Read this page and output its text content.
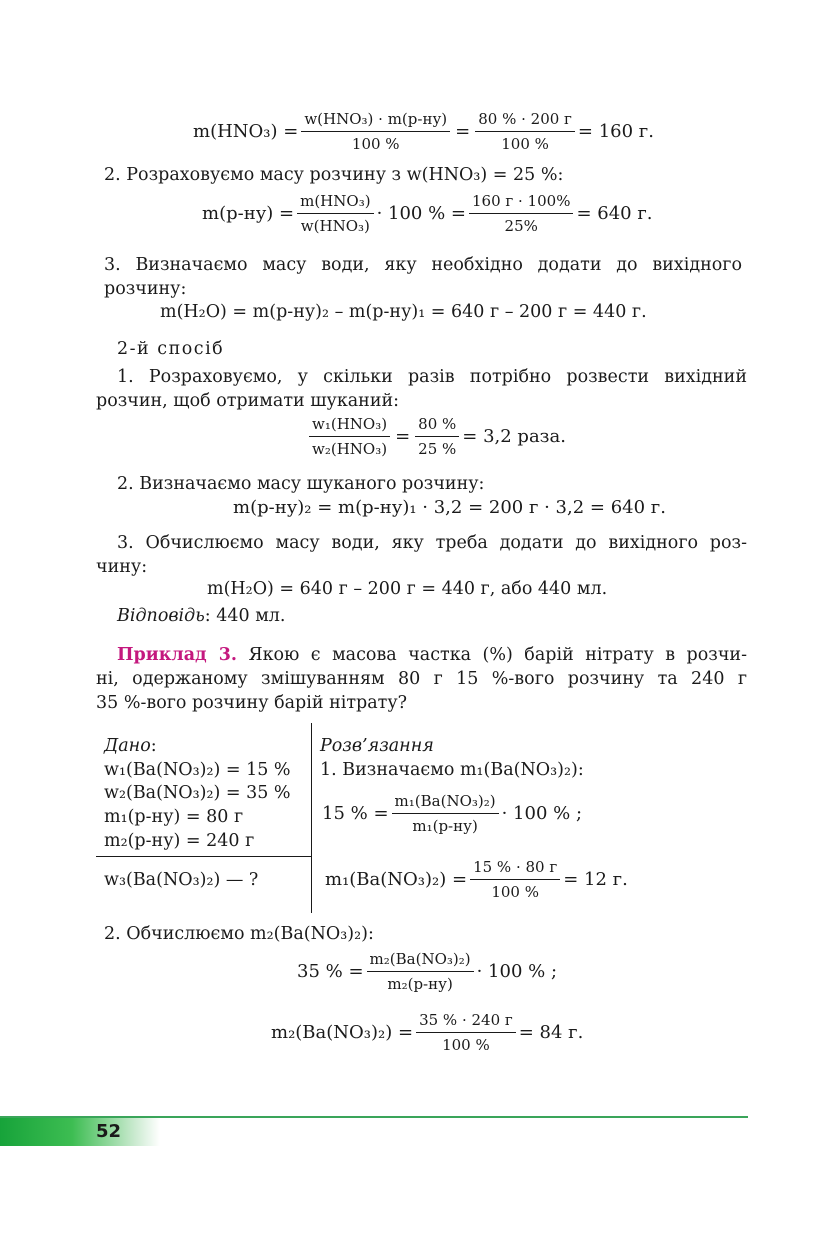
$m(HNO_3) = \frac{\text{w(HNO₃) · m(р-ну)}}{100 \%} = \frac{80 \% \cdot 200 г}{100 \%} = 160$ г.
2. Розраховуємо масу розчину з w(HNO₃) = 25 %:
$m(р-ну) = \frac{\text{m(HNO₃)}}{\text{w(HNO₃)}} \cdot 100$ % = $\frac{160 г \cdot 100\%}{25\%} = 640$ г.
3. Визначаємо масу води, яку необхідно додати до вихідного
розчину:
m(H₂O) = m(р-ну)₂ – m(р-ну)₁ = 640 г – 200 г = 440 г.
2-й спосіб
1. Розраховуємо, у скільки разів потрібно розвести вихідний
розчин, щоб отримати шуканий:
$\frac{\text{w₁(HNO₃)}}{\text{w₂(HNO₃)}} = \frac{80 \%}{25 \%} = 3,2$ раза.
2. Визначаємо масу шуканого розчину:
m(р-ну)₂ = m(р-ну)₁ · 3,2 = 200 г · 3,2 = 640 г.
3. Обчислюємо масу води, яку треба додати до вихідного роз-
чину:
m(H₂O) = 640 г – 200 г = 440 г, або 440 мл.
Відповідь: 440 мл.
Приклад 3. Якою є масова частка (%) барій нітрату в розчи-
ні, одержаному змішуванням 80 г 15 %-вого розчину та 240 г
35 %-вого розчину барій нітрату?
Дано:
w₁(Ba(NO₃)₂) = 15 %
w₂(Ba(NO₃)₂) = 35 %
m₁(р-ну) = 80 г
m₂(р-ну) = 240 г
w₃(Ba(NO₃)₂) — ?
Розв’язання
1. Визначаємо m₁(Ba(NO₃)₂):
15 % = $\frac{\text{m₁(Ba(NO₃)₂)}}{\text{m₁(р-ну)}} \cdot 100$ % ;
$m_1(Ba(NO_3)_2) = \frac{15 \% \cdot 80 г}{100 \%} = 12$ г.
2. Обчислюємо m₂(Ba(NO₃)₂):
35 % = $\frac{\text{m₂(Ba(NO₃)₂)}}{\text{m₂(р-ну)}} \cdot 100$ % ;
$m_2(Ba(NO_3)_2) = \frac{35 \% \cdot 240 г}{100 \%} = 84$ г.
52
